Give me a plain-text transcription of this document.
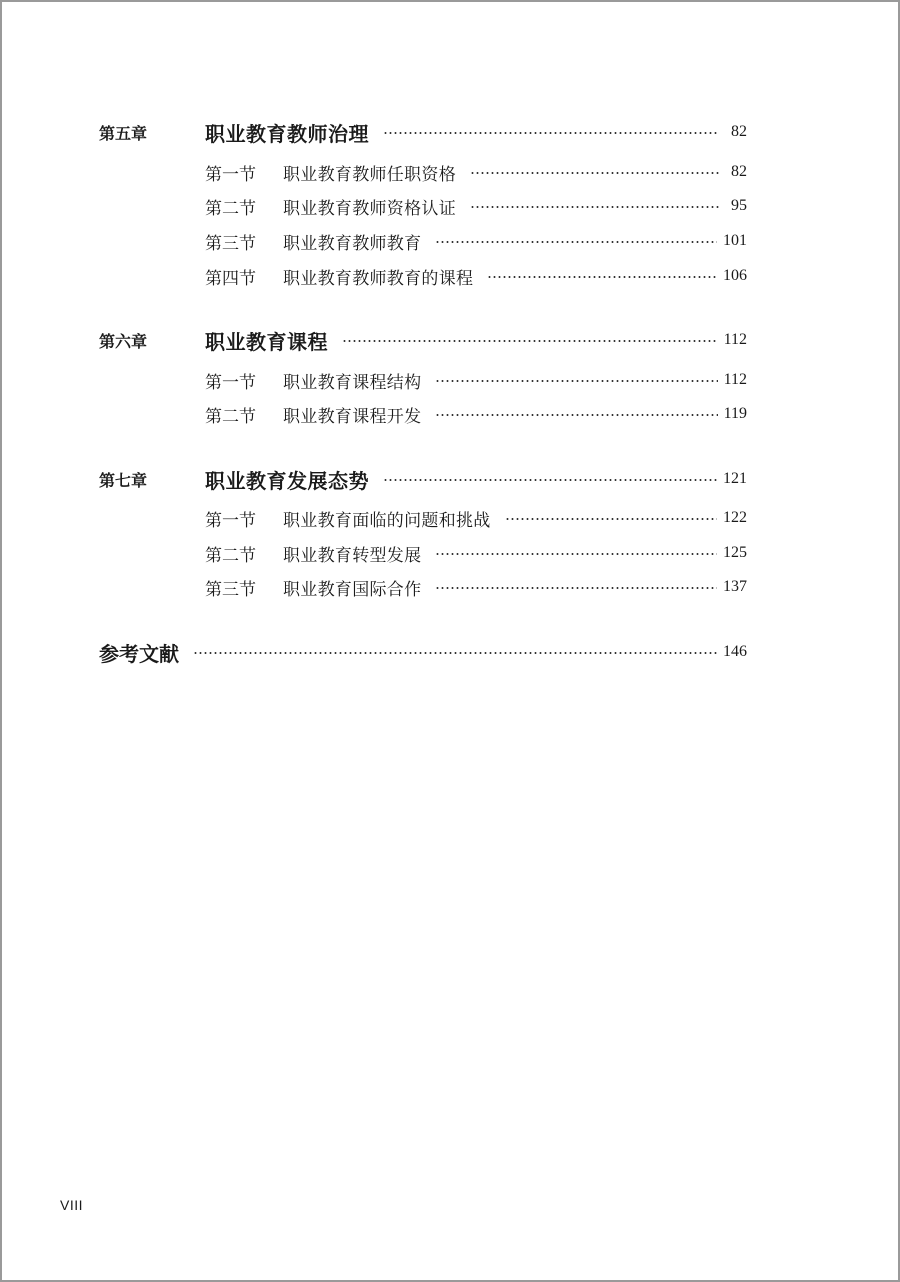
第五章	职业教育教师治理	82
第一节	职业教育教师任职资格	82
第二节	职业教育教师资格认证	95
第三节	职业教育教师教育	101
第四节	职业教育教师教育的课程	106
第六章	职业教育课程	112
第一节	职业教育课程结构	112
第二节	职业教育课程开发	119
第七章	职业教育发展态势	121
第一节	职业教育面临的问题和挑战	122
第二节	职业教育转型发展	125
第三节	职业教育国际合作	137
参考文献	146
VIII
